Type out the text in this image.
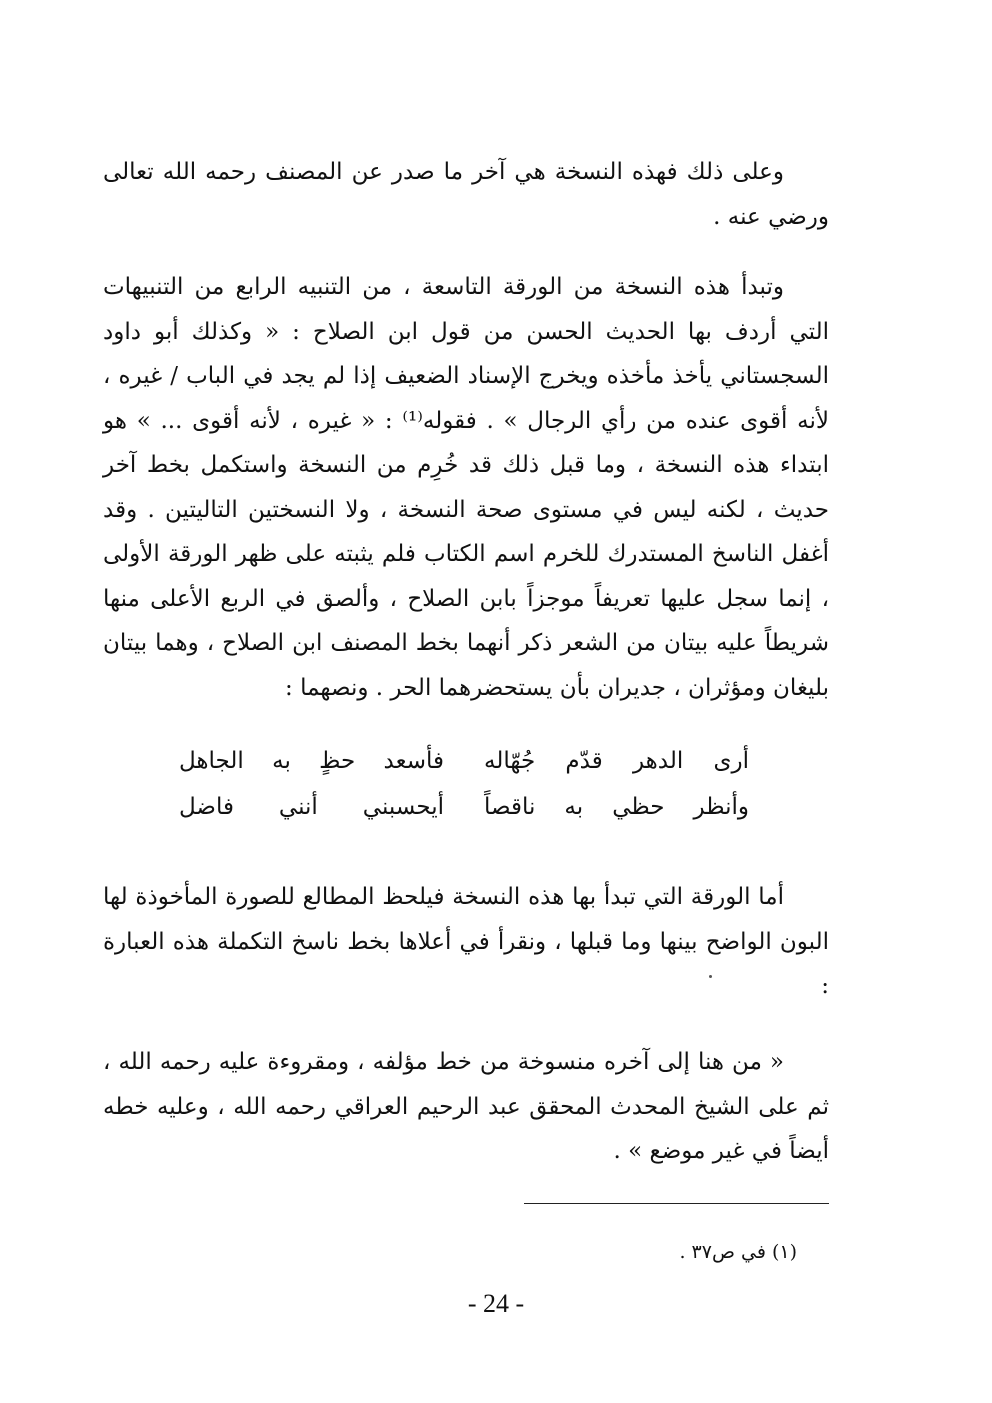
وعلى ذلك فهذه النسخة هي آخر ما صدر عن المصنف رحمه الله تعالى ورضي عنه .

وتبدأ هذه النسخة من الورقة التاسعة ، من التنبيه الرابع من التنبيهات التي أردف بها الحديث الحسن من قول ابن الصلاح : « وكذلك أبو داود السجستاني يأخذ مأخذه ويخرج الإسناد الضعيف إذا لم يجد في الباب / غيره ، لأنه أقوى عنده من رأي الرجال » . فقوله⁽¹⁾ : « غيره ، لأنه أقوى ... » هو ابتداء هذه النسخة ، وما قبل ذلك قد خُرِم من النسخة واستكمل بخط آخر حديث ، لكنه ليس في مستوى صحة النسخة ، ولا النسختين التاليتين . وقد أغفل الناسخ المستدرك للخرم اسم الكتاب فلم يثبته على ظهر الورقة الأولى ، إنما سجل عليها تعريفاً موجزاً بابن الصلاح ، وألصق في الربع الأعلى منها شريطاً عليه بيتان من الشعر ذكر أنهما بخط المصنف ابن الصلاح ، وهما بيتان بليغان ومؤثران ، جديران بأن يستحضرهما الحر . ونصهما :

أرى الدهر قدّم جُهّاله
فأسعد حظٍ به الجاهل
وأنظر حظي به ناقصاً
أيحسبني أنني فاضل

أما الورقة التي تبدأ بها هذه النسخة فيلحظ المطالع للصورة المأخوذة لها البون الواضح بينها وما قبلها ، ونقرأ في أعلاها بخط ناسخ التكملة هذه العبارة :

« من هنا إلى آخره منسوخة من خط مؤلفه ، ومقروءة عليه رحمه الله ، ثم على الشيخ المحدث المحقق عبد الرحيم العراقي رحمه الله ، وعليه خطه أيضاً في غير موضع » .

(١) في ص٣٧ .
- 24 -
